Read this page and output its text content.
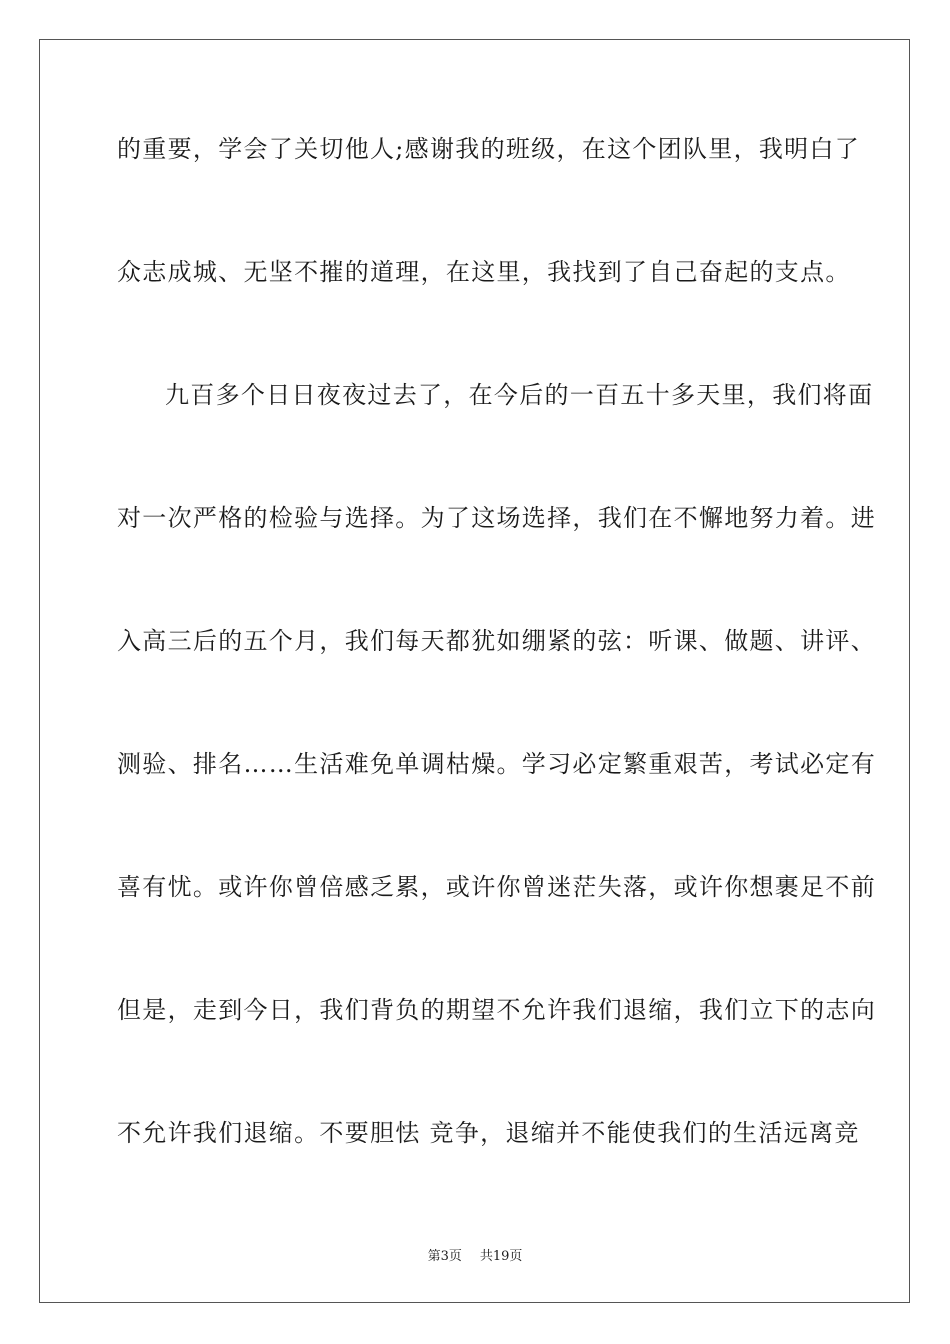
的重要，学会了关切他人;感谢我的班级，在这个团队里，我明白了
众志成城、无坚不摧的道理，在这里，我找到了自己奋起的支点。
九百多个日日夜夜过去了，在今后的一百五十多天里，我们将面
对一次严格的检验与选择。为了这场选择，我们在不懈地努力着。进
入高三后的五个月，我们每天都犹如绷紧的弦：听课、做题、讲评、
测验、排名……生活难免单调枯燥。学习必定繁重艰苦，考试必定有
喜有忧。或许你曾倍感乏累，或许你曾迷茫失落，或许你想裹足不前
但是，走到今日，我们背负的期望不允许我们退缩，我们立下的志向
不允许我们退缩。不要胆怯 竞争，退缩并不能使我们的生活远离竞
第3页 共19页
